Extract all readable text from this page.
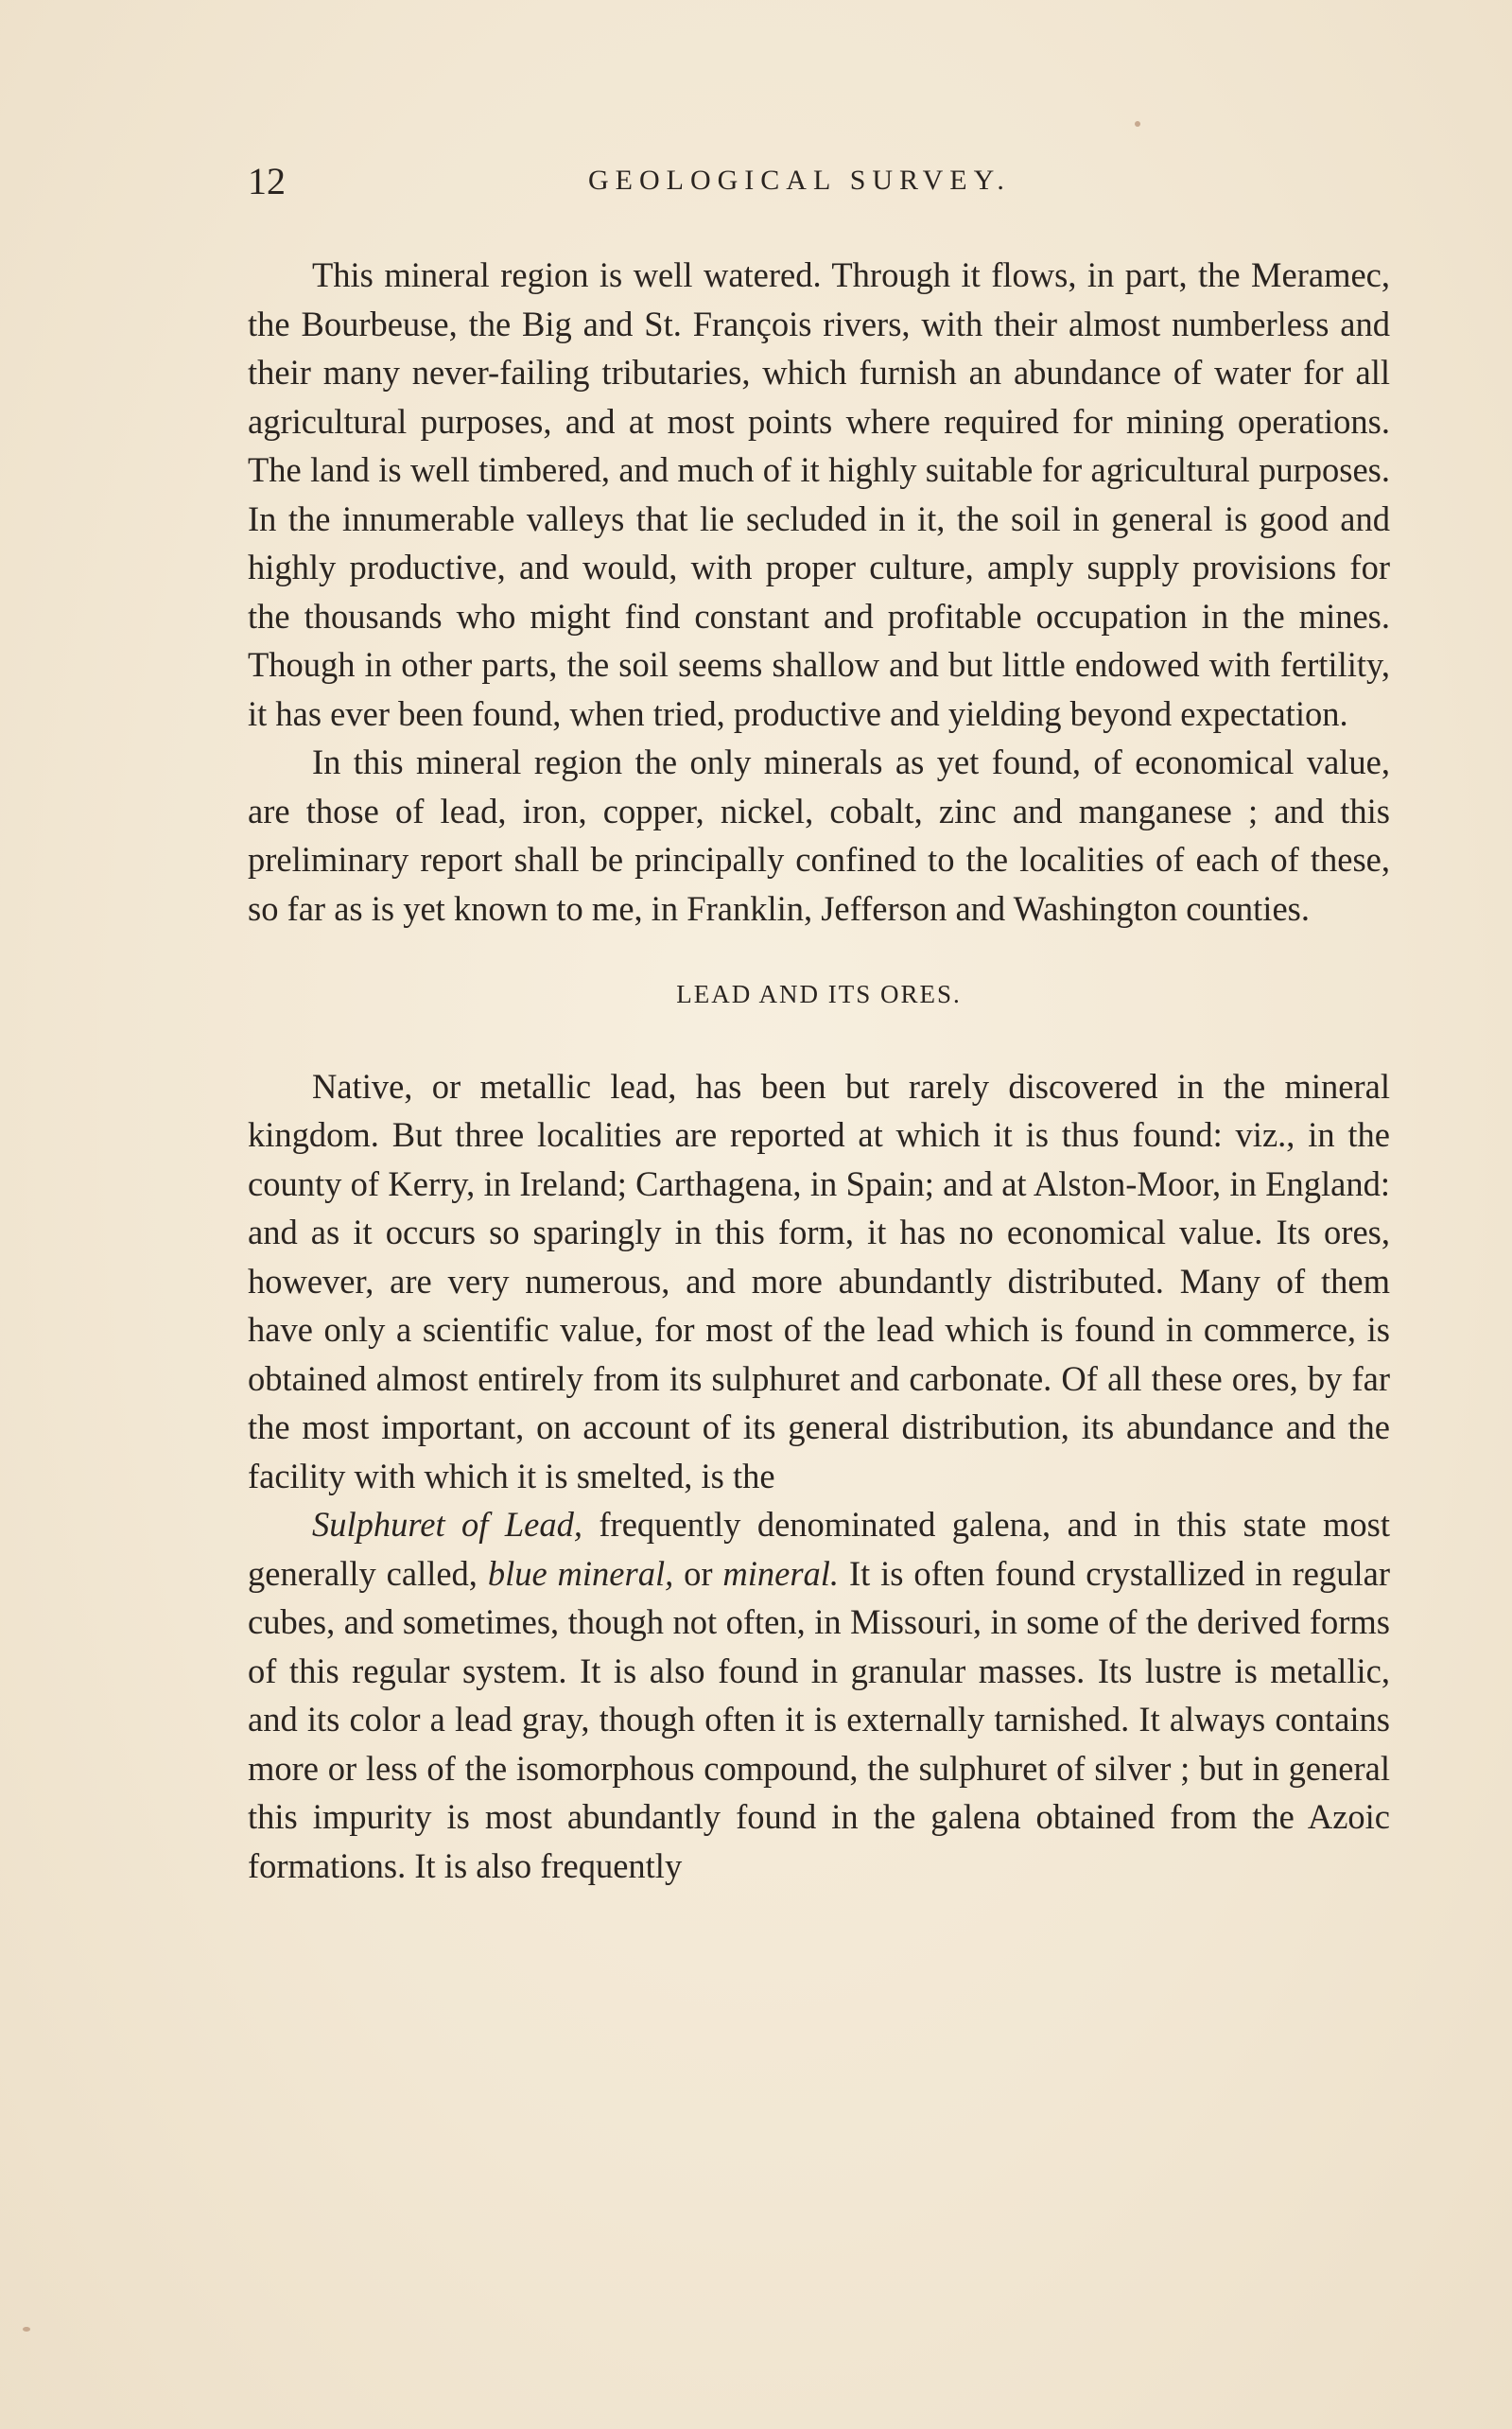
12	GEOLOGICAL SURVEY.

This mineral region is well watered. Through it flows, in part, the Meramec, the Bourbeuse, the Big and St. François rivers, with their almost numberless and their many never-failing tributaries, which furnish an abundance of water for all agricultural purposes, and at most points where required for mining operations. The land is well timbered, and much of it highly suitable for agricultural purposes. In the innumerable valleys that lie secluded in it, the soil in general is good and highly productive, and would, with proper culture, amply supply provisions for the thousands who might find constant and profitable occupation in the mines. Though in other parts, the soil seems shallow and but little endowed with fertility, it has ever been found, when tried, productive and yielding beyond expectation.

In this mineral region the only minerals as yet found, of economical value, are those of lead, iron, copper, nickel, cobalt, zinc and manganese ; and this preliminary report shall be principally confined to the localities of each of these, so far as is yet known to me, in Franklin, Jefferson and Washington counties.

LEAD AND ITS ORES.

Native, or metallic lead, has been but rarely discovered in the mineral kingdom. But three localities are reported at which it is thus found: viz., in the county of Kerry, in Ireland; Carthagena, in Spain; and at Alston-Moor, in England: and as it occurs so sparingly in this form, it has no economical value. Its ores, however, are very numerous, and more abundantly distributed. Many of them have only a scientific value, for most of the lead which is found in commerce, is obtained almost entirely from its sulphuret and carbonate. Of all these ores, by far the most important, on account of its general distribution, its abundance and the facility with which it is smelted, is the

Sulphuret of Lead, frequently denominated galena, and in this state most generally called, blue mineral, or mineral. It is often found crystallized in regular cubes, and sometimes, though not often, in Missouri, in some of the derived forms of this regular system. It is also found in granular masses. Its lustre is metallic, and its color a lead gray, though often it is externally tarnished. It always contains more or less of the isomorphous compound, the sulphuret of silver ; but in general this impurity is most abundantly found in the galena obtained from the Azoic formations. It is also frequently
